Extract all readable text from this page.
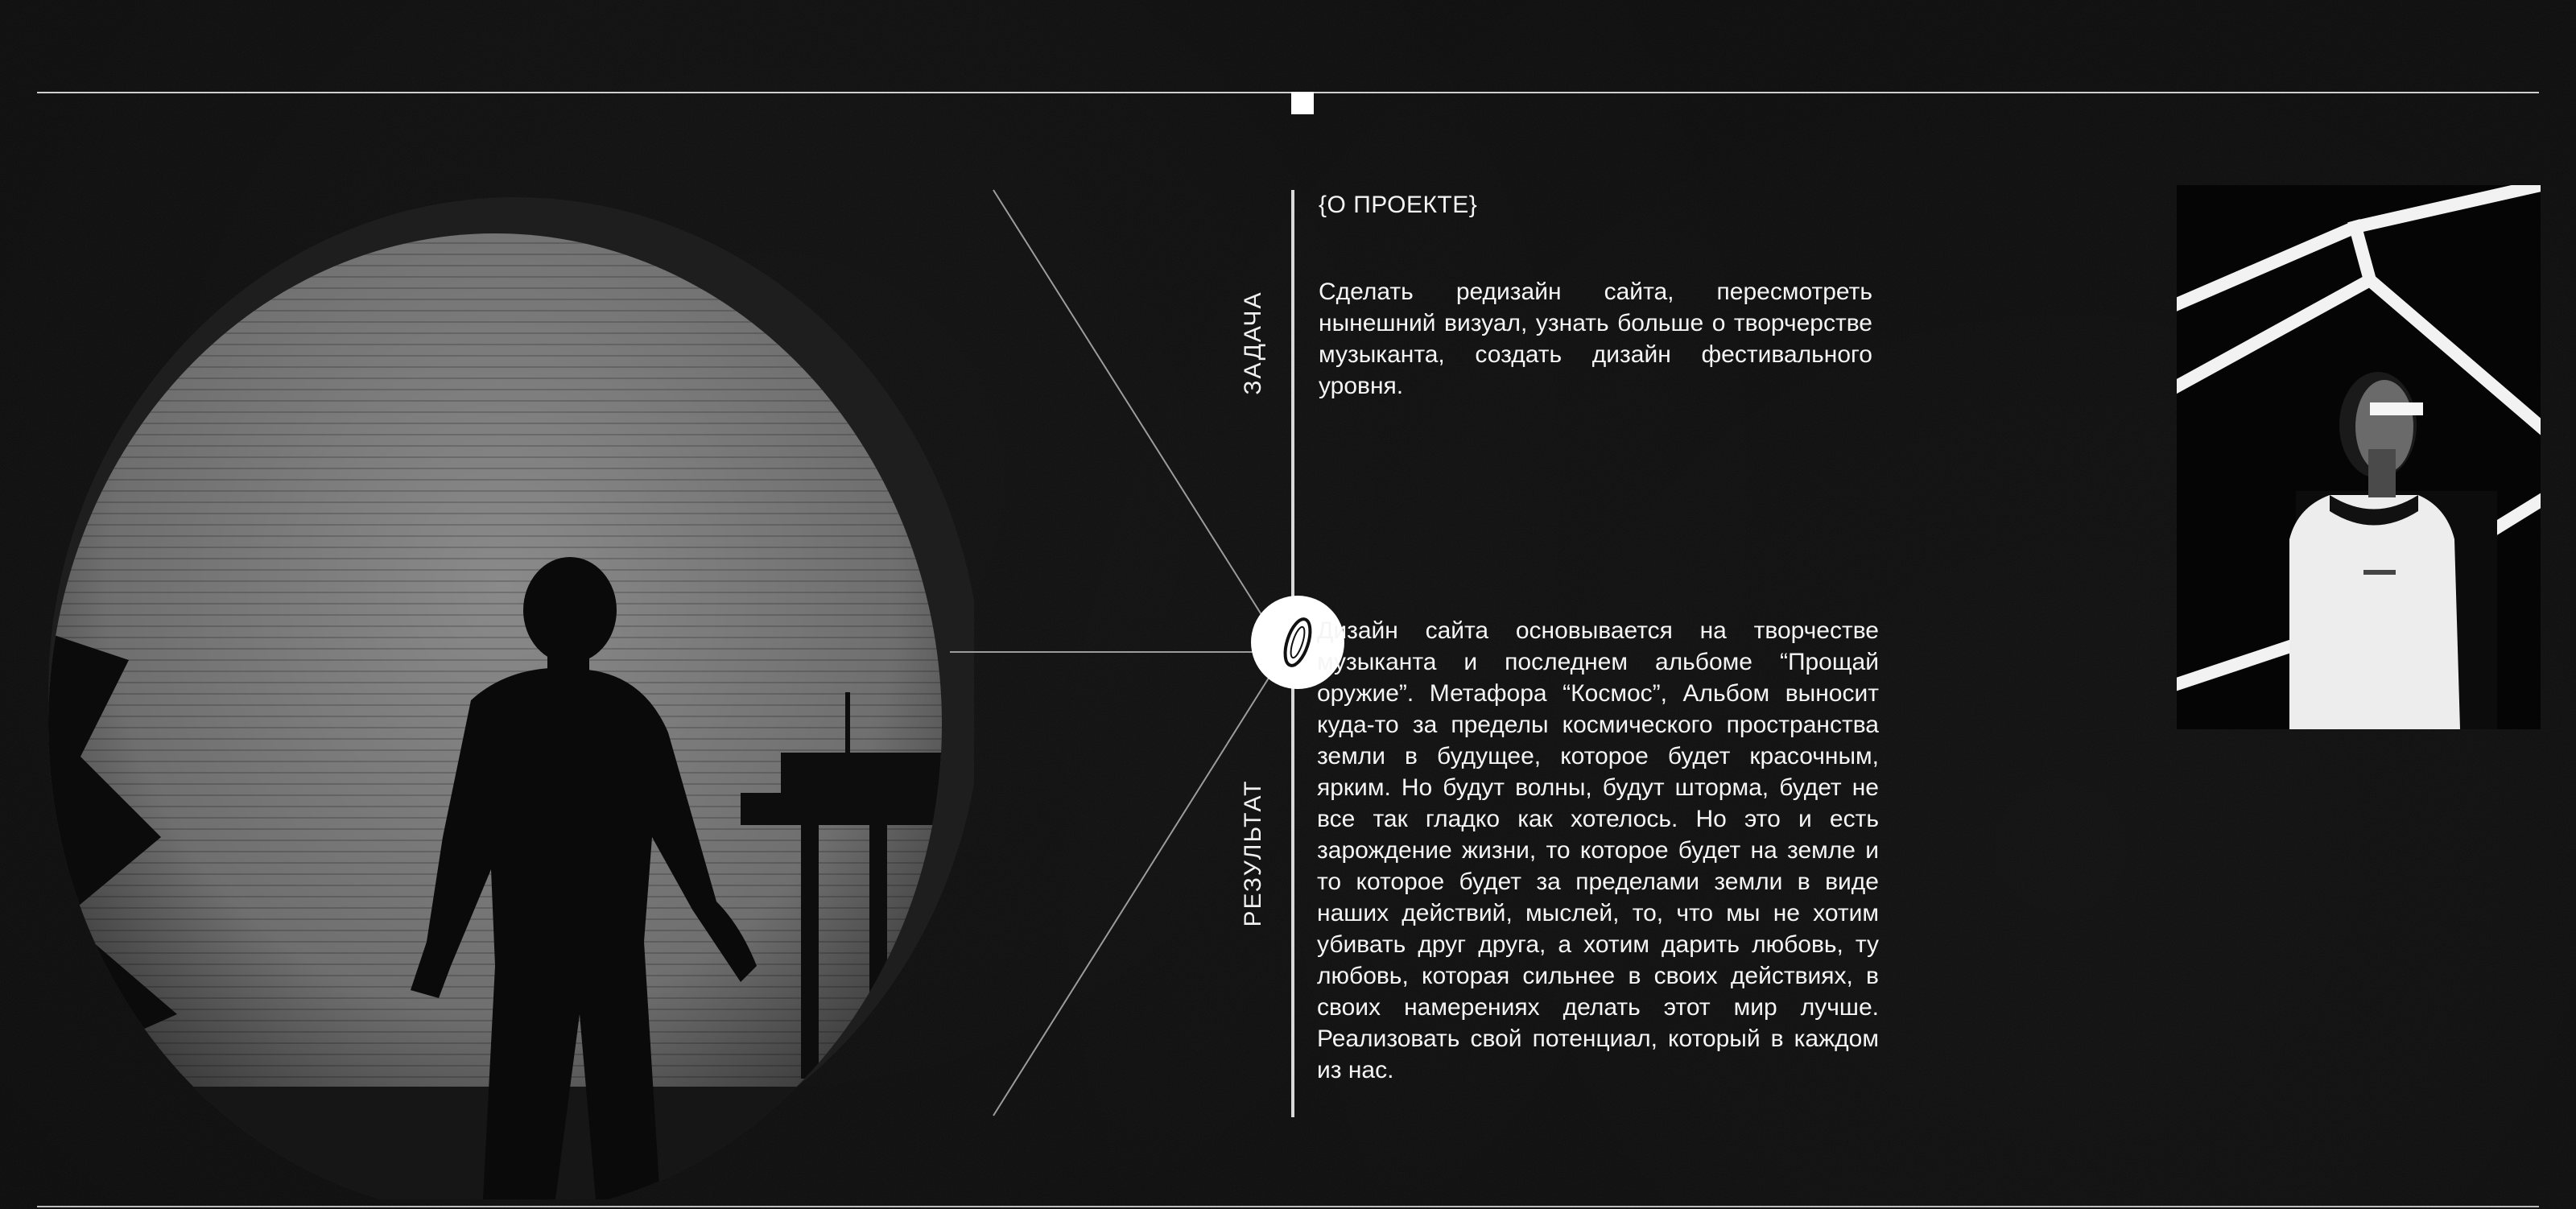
ЗАДАЧА
РЕЗУЛЬТАТ
{О ПРОЕКТЕ}
Сделать редизайн сайта, пересмотреть нынешний визуал, узнать больше о творчерстве музыканта, создать дизайн фестивального уровня.
Дизайн сайта основывается на творчестве музыканта и последнем альбоме “Прощай оружие”. Метафора “Космос”, Альбом выносит куда-то за пределы космического пространства земли в будущее, которое будет красочным, ярким. Но будут волны, будут шторма, будет не все так гладко как хотелось. Но это и есть зарождение жизни, то которое будет на земле и то которое будет за пределами земли в виде наших действий, мыслей, то, что мы не хотим убивать друг друга, а хотим дарить любовь, ту любовь, которая сильнее в своих действиях, в своих намерениях делать этот мир лучше. Реализовать свой потенциал, который в каждом из нас.
